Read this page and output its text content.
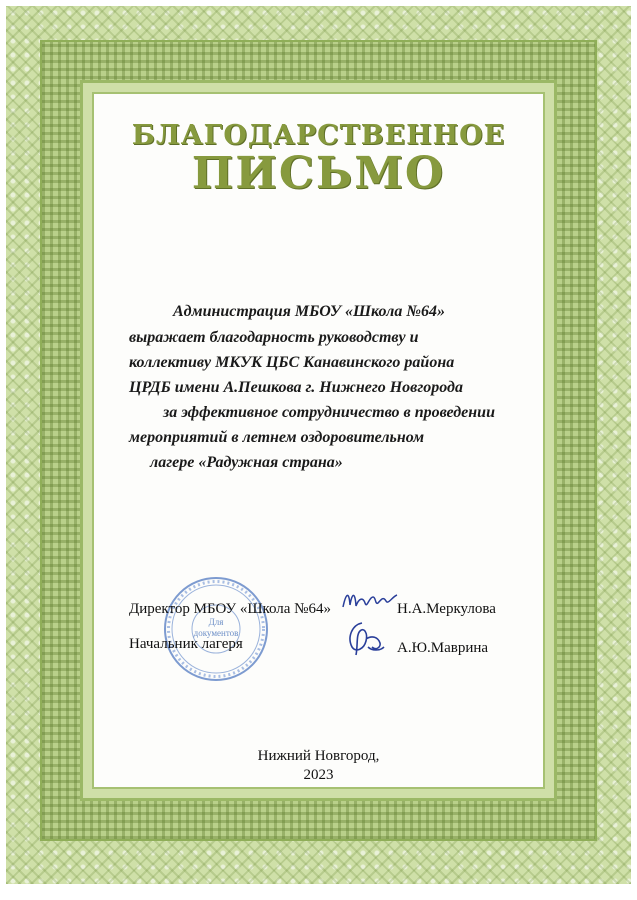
БЛАГОДАРСТВЕННОЕ
ПИСЬМО
Администрация МБОУ «Школа №64»
выражает благодарность руководству и
коллективу МКУК ЦБС Канавинского района
ЦРДБ имени А.Пешкова г. Нижнего Новгорода
за эффективное сотрудничество в проведении
мероприятий в летнем оздоровительном
лагере «Радужная страна»
Для
документов
Директор МБОУ «Школа №64»	Н.А.Меркулова
Начальник лагеря	А.Ю.Маврина
Нижний Новгород,
2023
